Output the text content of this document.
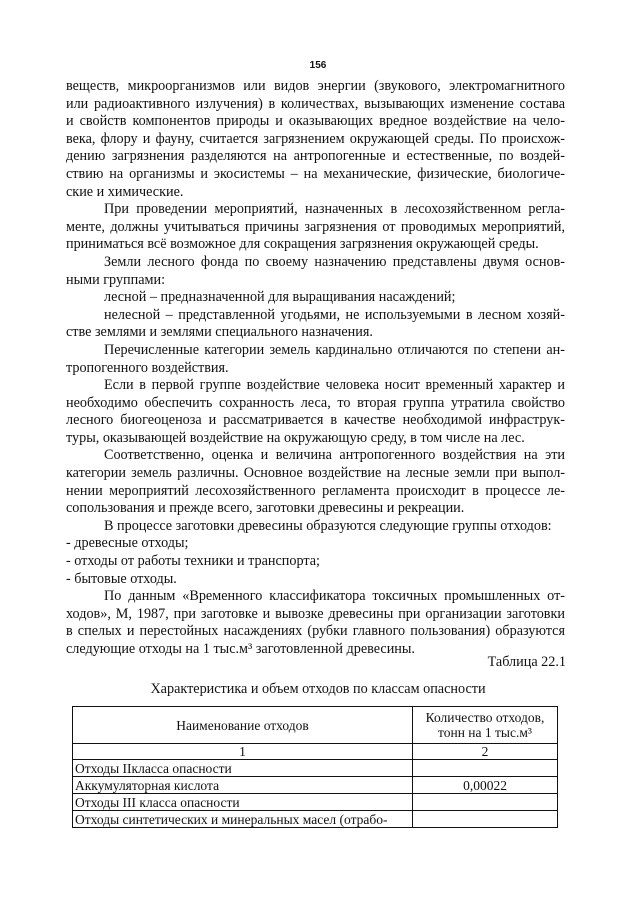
156
веществ, микроорганизмов или видов энергии (звукового, электромагнитного
или радиоактивного излучения) в количествах, вызывающих изменение состава
и свойств компонентов природы и оказывающих вредное воздействие на чело-
века, флору и фауну, считается загрязнением окружающей среды. По происхож-
дению загрязнения разделяются на антропогенные и естественные, по воздей-
ствию на организмы и экосистемы – на механические, физические, биологиче-
ские и химические.
При проведении мероприятий, назначенных в лесохозяйственном регла-
менте, должны учитываться причины загрязнения от проводимых мероприятий,
приниматься всё возможное для сокращения загрязнения окружающей среды.
Земли лесного фонда по своему назначению представлены двумя основ-
ными группами:
лесной – предназначенной для выращивания насаждений;
нелесной – представленной угодьями, не используемыми в лесном хозяй-
стве землями и землями специального назначения.
Перечисленные категории земель кардинально отличаются по степени ан-
тропогенного воздействия.
Если в первой группе воздействие человека носит временный характер и
необходимо обеспечить сохранность леса, то вторая группа утратила свойство
лесного биогеоценоза и рассматривается в качестве необходимой инфраструк-
туры, оказывающей воздействие на окружающую среду, в том числе на лес.
Соответственно, оценка и величина антропогенного воздействия на эти
категории земель различны. Основное воздействие на лесные земли при выпол-
нении мероприятий лесохозяйственного регламента происходит в процессе ле-
сопользования и прежде всего, заготовки древесины и рекреации.
В процессе заготовки древесины образуются следующие группы отходов:
- древесные отходы;
- отходы от работы техники и транспорта;
- бытовые отходы.
По данным «Временного классификатора токсичных промышленных от-
ходов», М, 1987, при заготовке и вывозке древесины при организации заготовки
в спелых и перестойных насаждениях (рубки главного пользования) образуются
следующие отходы на 1 тыс.м³ заготовленной древесины.
Таблица 22.1
Характеристика и объем отходов по классам опасности
Наименование отходов	Количество отходов,
тонн на 1 тыс.м³
1	2
Отходы IIкласса опасности	
Аккумуляторная кислота	0,00022
Отходы III класса опасности	
Отходы синтетических и минеральных масел (отрабо-	
